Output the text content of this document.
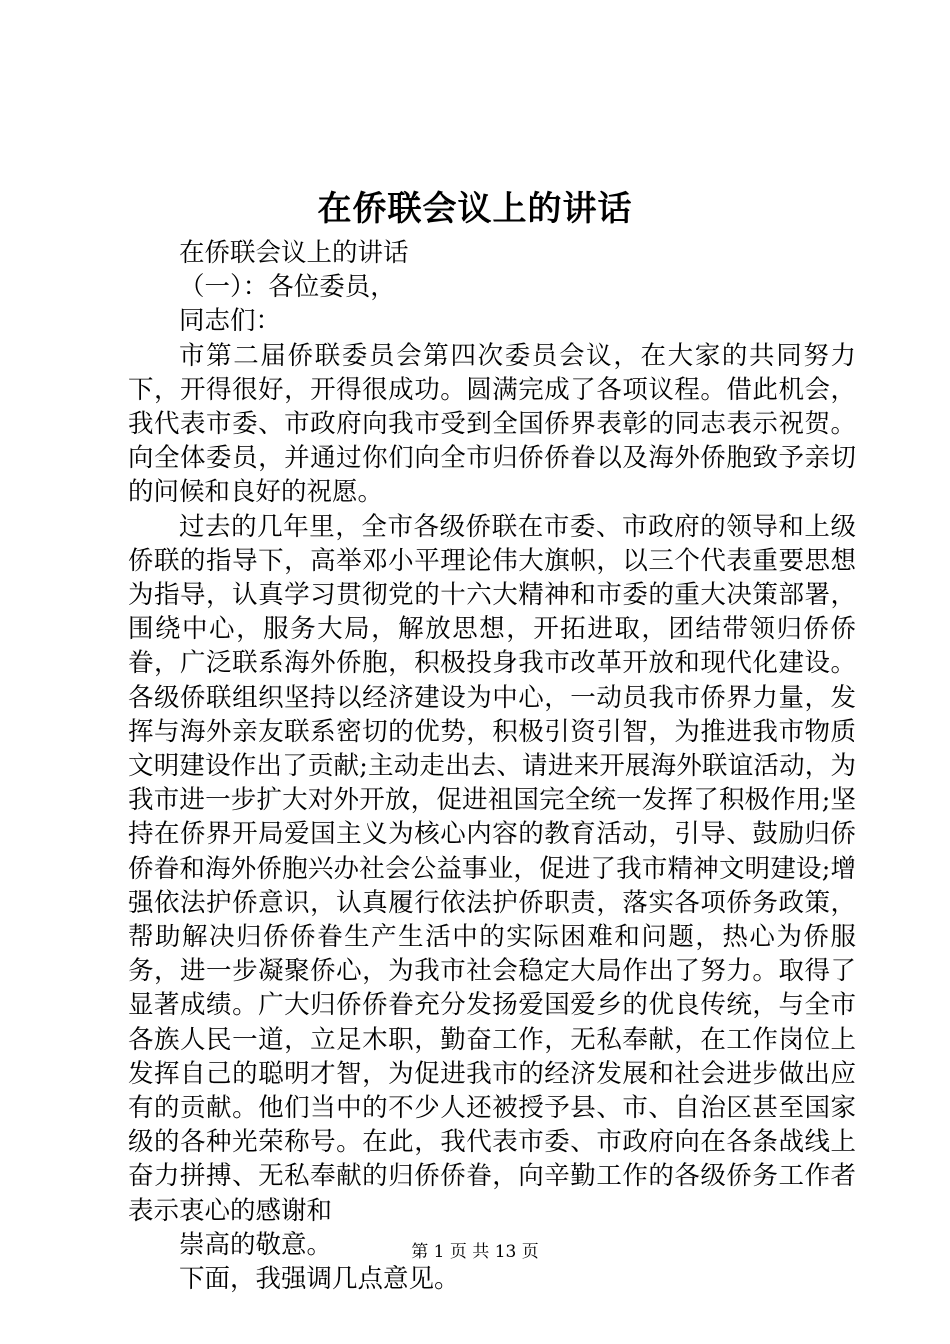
在侨联会议上的讲话

在侨联会议上的讲话

（一）：各位委员，

同志们：

市第二届侨联委员会第四次委员会议，在大家的共同努力下，开得很好，开得很成功。圆满完成了各项议程。借此机会，我代表市委、市政府向我市受到全国侨界表彰的同志表示祝贺。向全体委员，并通过你们向全市归侨侨眷以及海外侨胞致予亲切的问候和良好的祝愿。

过去的几年里，全市各级侨联在市委、市政府的领导和上级侨联的指导下，高举邓小平理论伟大旗帜，以三个代表重要思想为指导，认真学习贯彻党的十六大精神和市委的重大决策部署，围绕中心，服务大局，解放思想，开拓进取，团结带领归侨侨眷，广泛联系海外侨胞，积极投身我市改革开放和现代化建设。各级侨联组织坚持以经济建设为中心，一动员我市侨界力量，发挥与海外亲友联系密切的优势，积极引资引智，为推进我市物质文明建设作出了贡献;主动走出去、请进来开展海外联谊活动，为我市进一步扩大对外开放，促进祖国完全统一发挥了积极作用;坚持在侨界开局爱国主义为核心内容的教育活动，引导、鼓励归侨侨眷和海外侨胞兴办社会公益事业，促进了我市精神文明建设;增强依法护侨意识，认真履行依法护侨职责，落实各项侨务政策，帮助解决归侨侨眷生产生活中的实际困难和问题，热心为侨服务，进一步凝聚侨心，为我市社会稳定大局作出了努力。取得了显著成绩。广大归侨侨眷充分发扬爱国爱乡的优良传统，与全市各族人民一道，立足木职，勤奋工作，无私奉献，在工作岗位上发挥自己的聪明才智，为促进我市的经济发展和社会进步做出应有的贡献。他们当中的不少人还被授予县、市、自治区甚至国家级的各种光荣称号。在此，我代表市委、市政府向在各条战线上奋力拼搏、无私奉献的归侨侨眷，向辛勤工作的各级侨务工作者表示衷心的感谢和

崇高的敬意。

下面，我强调几点意见。

第 1 页 共 13 页
